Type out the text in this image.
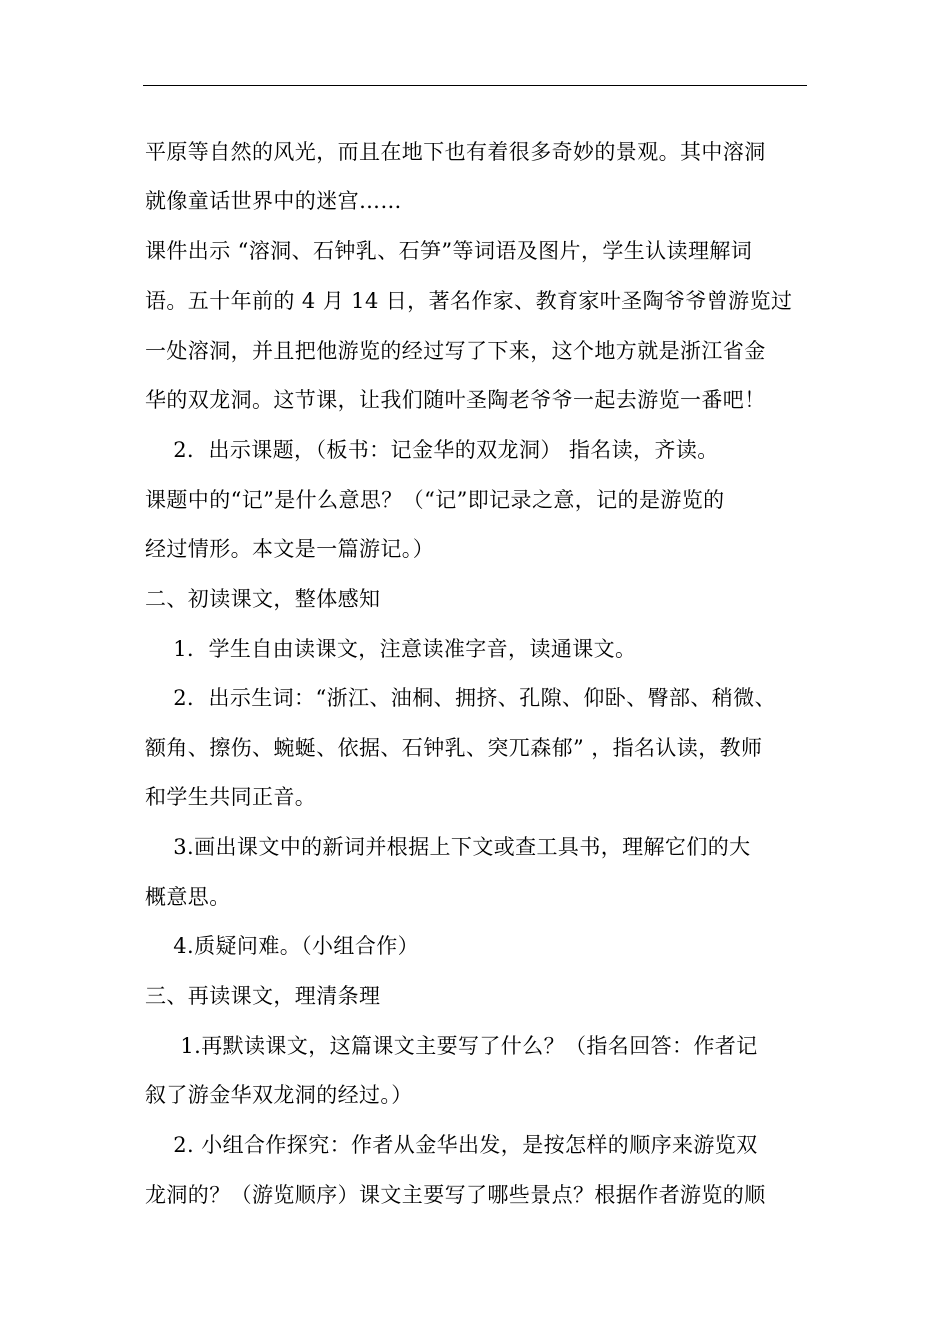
平原等自然的风光，而且在地下也有着很多奇妙的景观。其中溶洞
就像童话世界中的迷宫……
课件出示 “溶洞、石钟乳、石笋”等词语及图片，学生认读理解词
语。五十年前的 4 月 14 日，著名作家、教育家叶圣陶爷爷曾游览过
一处溶洞，并且把他游览的经过写了下来，这个地方就是浙江省金
华的双龙洞。这节课，让我们随叶圣陶老爷爷一起去游览一番吧！
2．出示课题，（板书：记金华的双龙洞） 指名读，齐读。
课题中的“记”是什么意思？（“记”即记录之意，记的是游览的
经过情形。本文是一篇游记。）
二、初读课文，整体感知
1．学生自由读课文，注意读准字音，读通课文。
2．出示生词：“浙江、油桐、拥挤、孔隙、仰卧、臀部、稍微、
额角、擦伤、蜿蜒、依据、石钟乳、突兀森郁” ，指名认读，教师
和学生共同正音。
3.画出课文中的新词并根据上下文或查工具书，理解它们的大
概意思。
4.质疑问难。（小组合作）
三、再读课文，理清条理
1.再默读课文，这篇课文主要写了什么？（指名回答：作者记
叙了游金华双龙洞的经过。）
2. 小组合作探究：作者从金华出发，是按怎样的顺序来游览双
龙洞的？（游览顺序）课文主要写了哪些景点？根据作者游览的顺
